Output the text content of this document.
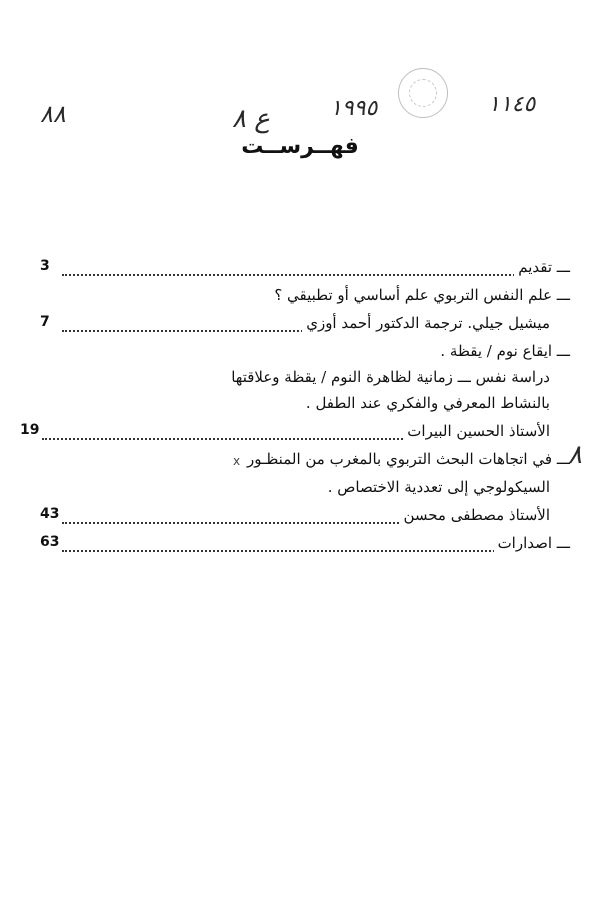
١١٤٥
١٩٩٥
ع ٨
٨٨
فهــرســت
ـــ تقديم
3
ـــ علم النفس التربوي علم أساسي أو تطبيقي ؟
ميشيل جيلي. ترجمة الدكتور أحمد أوزي
7
ـــ ايقاع نوم / يقظة .
دراسة نفس ـــ زمانية لظاهرة النوم / يقظة وعلاقتها
بالنشاط المعرفي والفكري عند الطفل .
الأستاذ الحسين البيرات
19
ـــ في اتجاهات البحث التربوي بالمغرب من المنظـور
x
السيكولوجي إلى تعددية الاختصاص .
الأستاذ مصطفى محسن
43
ـــ اصدارات
63
٨
